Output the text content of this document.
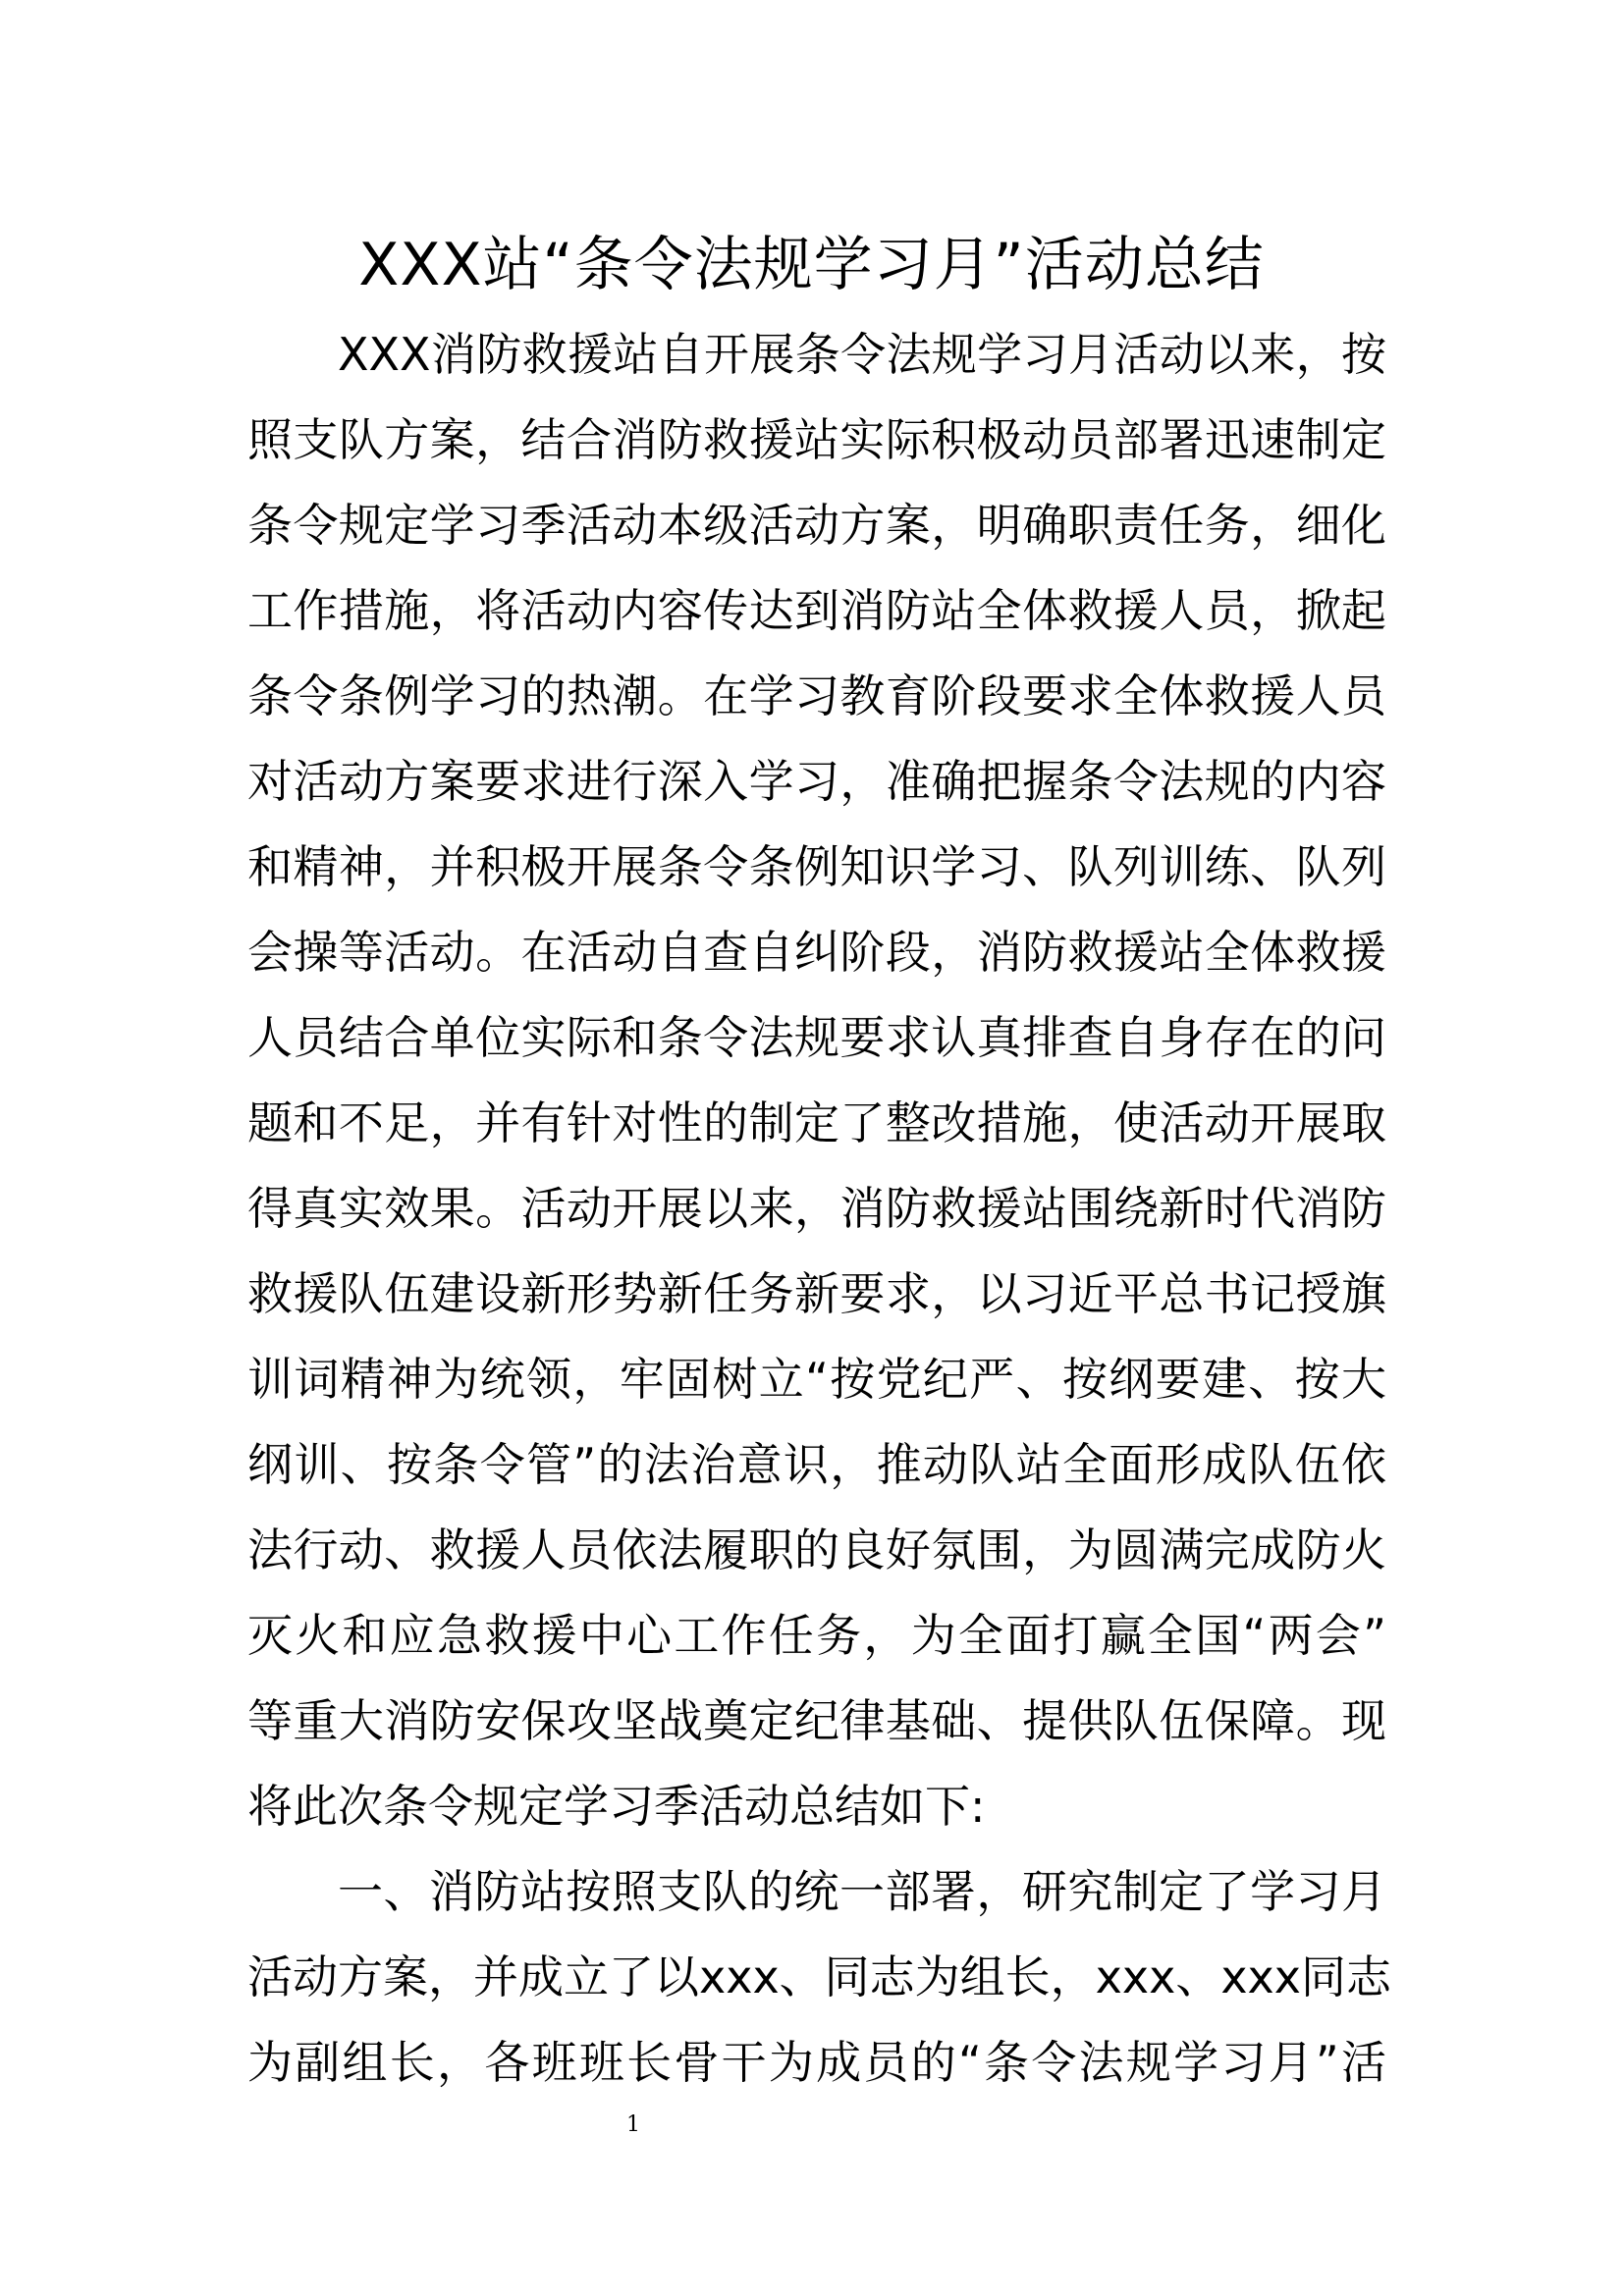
XXX站“条令法规学习月”活动总结
XXX消防救援站自开展条令法规学习月活动以来，按
照支队方案，结合消防救援站实际积极动员部署迅速制定
条令规定学习季活动本级活动方案，明确职责任务，细化
工作措施，将活动内容传达到消防站全体救援人员，掀起
条令条例学习的热潮。在学习教育阶段要求全体救援人员
对活动方案要求进行深入学习，准确把握条令法规的内容
和精神，并积极开展条令条例知识学习、队列训练、队列
会操等活动。在活动自查自纠阶段，消防救援站全体救援
人员结合单位实际和条令法规要求认真排查自身存在的问
题和不足，并有针对性的制定了整改措施，使活动开展取
得真实效果。活动开展以来，消防救援站围绕新时代消防
救援队伍建设新形势新任务新要求，以习近平总书记授旗
训词精神为统领，牢固树立“按党纪严、按纲要建、按大
纲训、按条令管”的法治意识，推动队站全面形成队伍依
法行动、救援人员依法履职的良好氛围，为圆满完成防火
灭火和应急救援中心工作任务，为全面打赢全国“两会”
等重大消防安保攻坚战奠定纪律基础、提供队伍保障。现
将此次条令规定学习季活动总结如下:
一、消防站按照支队的统一部署，研究制定了学习月
活动方案，并成立了以xxx、同志为组长，xxx、xxx同志
为副组长，各班班长骨干为成员的“条令法规学习月”活
1
